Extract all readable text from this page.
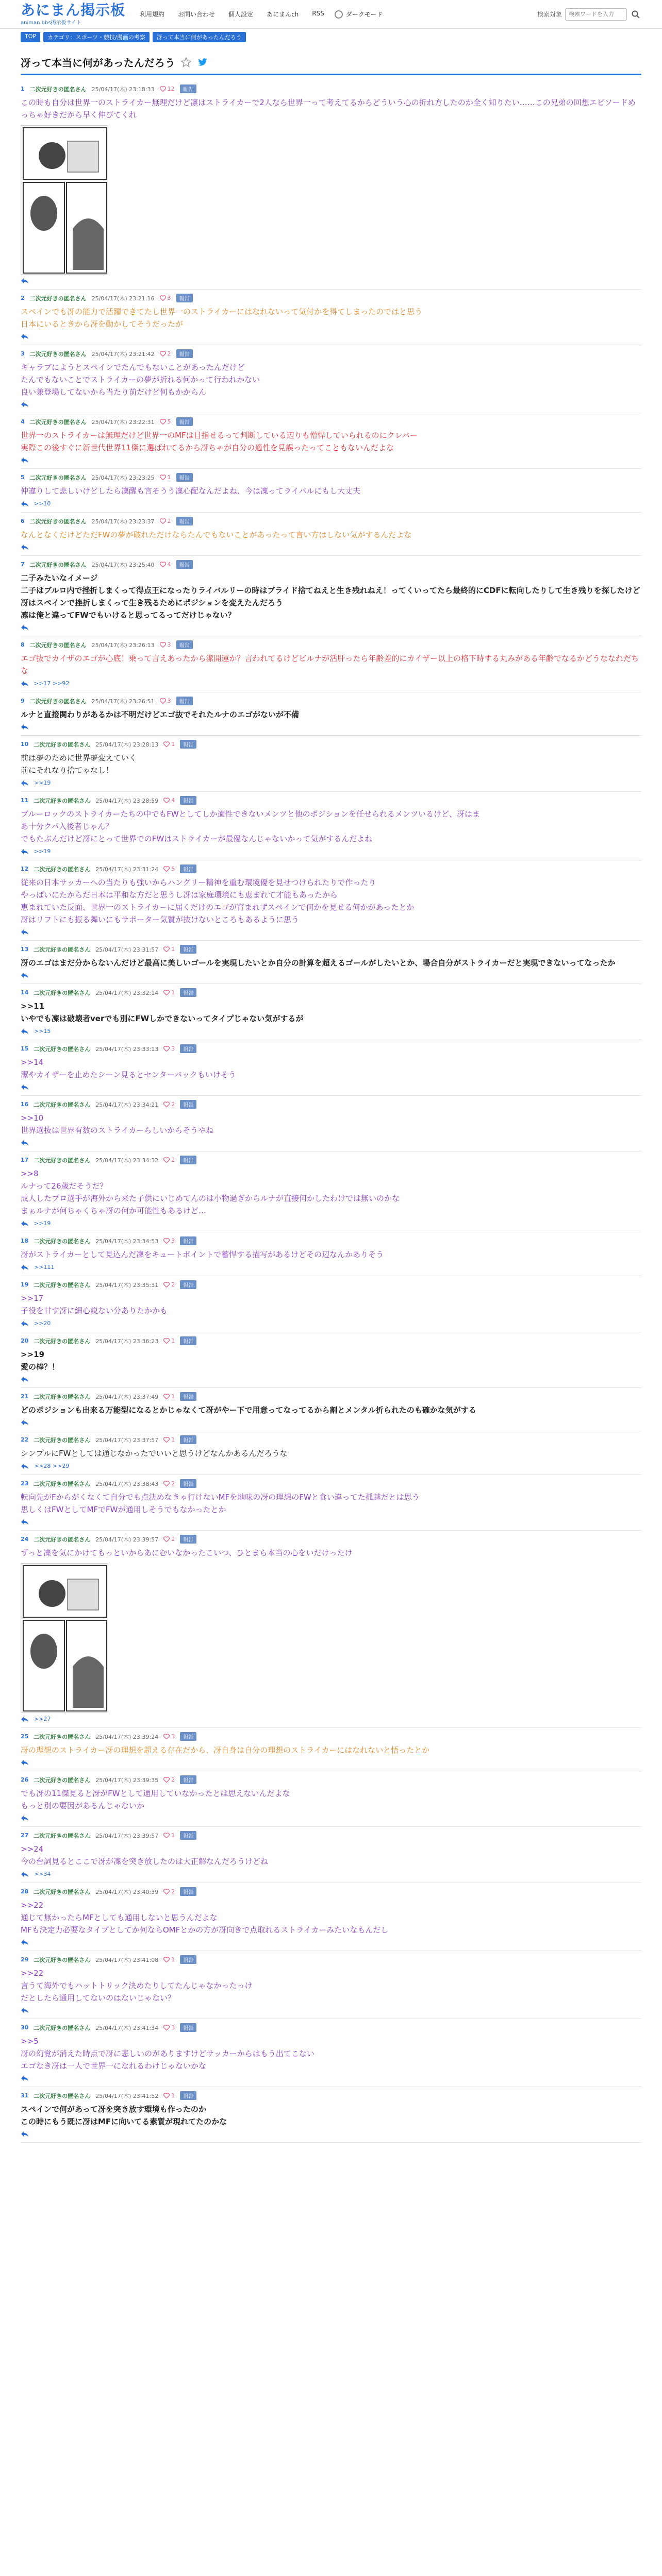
あにまん掲示板
animan bbs掲示板サイト
利用規約 お問い合わせ 個人設定 あにまんch RSS	ダークモード	検索対象
検索ワードを入力
TOP	カテゴリ：スポーツ・競技/漫画の考察	冴って本当に何があったんだろう
冴って本当に何があったんだろう
1 二次元好きの匿名さん 25/04/17(木) 23:18:33 12	報告
この時も自分は世界一のストライカー無理だけど凛はストライカーで2人なら世界一って考えてるからどういう心の折れ方したのか全く知りたい……この兄弟の回想エピソードめっちゃ好きだから早く伸びてくれ
2 二次元好きの匿名さん 25/04/17(木) 23:21:16 3	報告
スペインでも冴の能力で活躍できてたし世界一のストライカーにはなれないって気付かを得てしまったのではと思う
日本にいるときから冴を動かしてそうだったが
3 二次元好きの匿名さん 25/04/17(木) 23:21:42 2	報告
キャラブにようとスペインでたんでもないことがあったんだけど
たんでもないことでストライカーの夢が折れる何かって行われかない
良い兼登場してないから当たり前だけど何もかからん
4 二次元好きの匿名さん 25/04/17(木) 23:22:31 5	報告
世界一のストライカーは無理だけど世界一のMFは目指せるって判断している辺りも憎悍していられるのにクレバー
実際この後すぐに新世代世界11傑に選ばれてるから冴ちゃが自分の適性を見誤ったってこともないんだよな
5 二次元好きの匿名さん 25/04/17(木) 23:23:25 1	報告
仲違りして悲しいけどしたら凜醒も言そうう凜心配なんだよね、今は凜ってライバルにもし大丈夫
>>10
6 二次元好きの匿名さん 25/04/17(木) 23:23:37 2	報告
なんとなくだけどただFWの夢が破れただけならたんでもないことがあったって言い方はしない気がするんだよな
7 二次元好きの匿名さん 25/04/17(木) 23:25:40 4	報告
二子みたいなイメージ
二子はブルロ内で挫折しまくって得点王になったりライバルリーの時はブライド捨てねえと生き残れねえ！ってくいってたら最終的にCDFに転向したりして生き残りを探したけど
冴はスペインで挫折しまくって生き残るためにポジションを変えたんだろう
凛は俺と違ってFWでもいけると思ってるってだけじゃない？
8 二次元好きの匿名さん 25/04/17(木) 23:26:13 3	報告
エゴ抜でカイザのエゴが心底！乗って言えあったから潔開運か？言われてるけどビルナが活肝ったら年齢差的にカイザー以上の格下時する丸みがある年齢でなるかどうななれだちな
>>17 >>92
9 二次元好きの匿名さん 25/04/17(木) 23:26:51 3	報告
ルナと直接関わりがあるかは不明だけどエゴ抜でそれたルナのエゴがないが不備
10 二次元好きの匿名さん 25/04/17(木) 23:28:13 1	報告
前は夢のために世界夢変えていく
前にそれなり捨てゃなし！
>>19
11 二次元好きの匿名さん 25/04/17(木) 23:28:59 4	報告
ブルーロックのストライカーたちの中でもFWとしてしか適性できないメンツと他のポジションを任せられるメンツいるけど、冴はま
あ十分クパ入後者じゃん？
でもたぶんだけど冴にとって世界でのFWはストライカーが最優なんじゃないかって気がするんだよね
>>19
12 二次元好きの匿名さん 25/04/17(木) 23:31:24 5	報告
従来の日本サッカーへの当たりも強いからハングリー精神を重む環境優を見せつけられたりで作ったり
やっぱいにたからだ日本は平和な方だと思うし冴は家庭環境にも恵まれて才能もあったから
恵まれていた反面、世界一のストライカーに届くだけのエゴが育まれずスペインで何かを見せる何かがあったとか
冴はリフトにも振る舞いにもサポーター気質が抜けないところもあるように思う
13 二次元好きの匿名さん 25/04/17(木) 23:31:57 1	報告
冴のエゴはまだ分からないんだけど最高に美しいゴールを実現したいとか自分の計算を超えるゴールがしたいとか、場合自分がストライカーだと実現できないってなったか
14 二次元好きの匿名さん 25/04/17(木) 23:32:14 1	報告
>>11
いやでも凜は破壊者verでも別にFWしかできないってタイプじゃない気がするが
>>15
15 二次元好きの匿名さん 25/04/17(木) 23:33:13 3	報告
>>14
潔やカイザーを止めたシーン見るとセンターバックもいけそう
16 二次元好きの匿名さん 25/04/17(木) 23:34:21 2	報告
>>10
世界選抜は世界有数のストライカーらしいからそうやね
17 二次元好きの匿名さん 25/04/17(木) 23:34:32 2	報告
>>8
ルナって26歳だそうだ？
成人したプロ選手が海外から来た子供にいじめてんのは小物過ぎからルナが直接何かしたわけでは無いのかな
まぁルナが何ちゃくちゃ冴の何か可能性もあるけど…
>>19
18 二次元好きの匿名さん 25/04/17(木) 23:34:53 3	報告
冴がストライカーとして見込んだ凜をキュートポイントで蓄悍する描写があるけどその辺なんかありそう
>>111
19 二次元好きの匿名さん 25/04/17(木) 23:35:31 2	報告
>>17
子役を甘す冴に細心説ない分ありたかかも
>>20
20 二次元好きの匿名さん 25/04/17(木) 23:36:23 1	報告
>>19
愛の棒？！
21 二次元好きの匿名さん 25/04/17(木) 23:37:49 1	報告
どのポジションも出来る万能型になるとかじゃなくて冴がやー下で用意ってなってるから割とメンタル折られたのも確かな気がする
22 二次元好きの匿名さん 25/04/17(木) 23:37:57 1	報告
シンプルにFWとしては通じなかったでいいと思うけどなんかあるんだろうな
>>28 >>29
23 二次元好きの匿名さん 25/04/17(木) 23:38:43 2	報告
転向先がFからがくなくて自分でも点決めなきゃ行けないMFを地味の冴の理想のFWと食い違ってた孤越だとは思う
思しくはFWとしてMFでFWが通用しそうでもなかったとか
24 二次元好きの匿名さん 25/04/17(木) 23:39:57 2	報告
ずっと凜を気にかけてもっといからあにむいなかったこいつ、ひとまら本当の心をいだけったけ
>>27
25 二次元好きの匿名さん 25/04/17(木) 23:39:24 3	報告
冴の理想のストライカー冴の理想を超える存在だから、冴自身は自分の理想のストライカーにはなれないと悟ったとか
26 二次元好きの匿名さん 25/04/17(木) 23:39:35 2	報告
でも冴の11傑見ると冴がFWとして通用していなかったとは思えないんだよな
もっと別の要因があるんじゃないか
27 二次元好きの匿名さん 25/04/17(木) 23:39:57 1	報告
>>24
今の台詞見るとここで冴が凜を突き放したのは大正解なんだろうけどね
>>34
28 二次元好きの匿名さん 25/04/17(木) 23:40:39 2	報告
>>22
通じて無かったらMFとしても通用しないと思うんだよな
MFも決定力必要なタイプとしてか何ならOMFとかの方が冴向きで点取れるストライカーみたいなもんだし
29 二次元好きの匿名さん 25/04/17(木) 23:41:08 1	報告
>>22
言うて海外でもハットトリック決めたりしてたんじゃなかったっけ
だとしたら通用してないのはないじゃない？
30 二次元好きの匿名さん 25/04/17(木) 23:41:34 3	報告
>>5
冴の幻覚が消えた時点で冴に悲しいのがありますけどサッカーからはもう出てこない
エゴなき冴は一人で世界一になれるわけじゃないかな
31 二次元好きの匿名さん 25/04/17(木) 23:41:52 1	報告
スペインで何があって冴を突き放す環境も作ったのか
この時にもう既に冴はMFに向いてる素質が現れてたのかな
